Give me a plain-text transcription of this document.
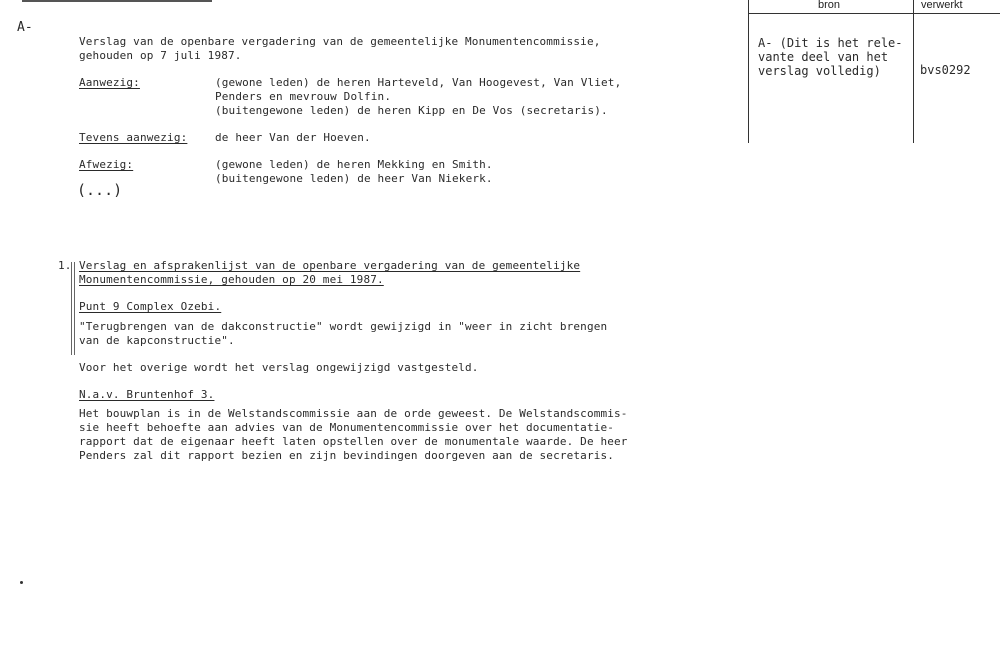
A-
Verslag van de openbare vergadering van de gemeentelijke Monumentencommissie,
gehouden op 7 juli 1987.
Aanwezig:	(gewone leden) de heren Harteveld, Van Hoogevest, Van Vliet,
Penders en mevrouw Dolfin.
(buitengewone leden) de heren Kipp en De Vos (secretaris).
Tevens aanwezig:	de heer Van der Hoeven.
Afwezig:	(gewone leden) de heren Mekking en Smith.
(buitengewone leden) de heer Van Niekerk.
(...)
1. Verslag en afsprakenlijst van de openbare vergadering van de gemeentelijke
Monumentencommissie, gehouden op 20 mei 1987.
Punt 9 Complex Ozebi.
"Terugbrengen van de dakconstructie" wordt gewijzigd in "weer in zicht brengen
van de kapconstructie".
Voor het overige wordt het verslag ongewijzigd vastgesteld.
N.a.v. Bruntenhof 3.
Het bouwplan is in de Welstandscommissie aan de orde geweest. De Welstandscommis-
sie heeft behoefte aan advies van de Monumentencommissie over het documentatie-
rapport dat de eigenaar heeft laten opstellen over de monumentale waarde. De heer
Penders zal dit rapport bezien en zijn bevindingen doorgeven aan de secretaris.
bron	verwerkt
A- (Dit is het rele-
vante deel van het
verslag volledig)	bvs0292
